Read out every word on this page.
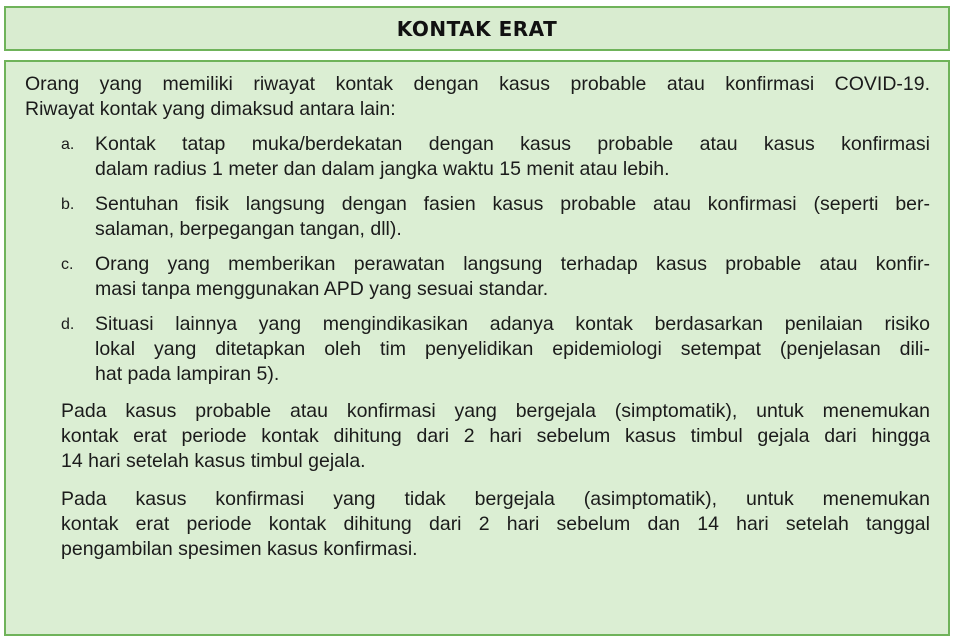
KONTAK ERAT

Orang yang memiliki riwayat kontak dengan kasus probable atau konfirmasi COVID-19.

Riwayat kontak yang dimaksud antara lain:

a. Kontak tatap muka/berdekatan dengan kasus probable atau kasus konfirmasi
dalam radius 1 meter dan dalam jangka waktu 15 menit atau lebih.
b. Sentuhan fisik langsung dengan fasien kasus probable atau konfirmasi (seperti ber-
salaman, berpegangan tangan, dll).
c. Orang yang memberikan perawatan langsung terhadap kasus probable atau konfir-
masi tanpa menggunakan APD yang sesuai standar.
d. Situasi lainnya yang mengindikasikan adanya kontak berdasarkan penilaian risiko
lokal yang ditetapkan oleh tim penyelidikan epidemiologi setempat (penjelasan dili-
hat pada lampiran 5).
Pada kasus probable atau konfirmasi yang bergejala (simptomatik), untuk menemukan
kontak erat periode kontak dihitung dari 2 hari sebelum kasus timbul gejala dari hingga
14 hari setelah kasus timbul gejala.
Pada kasus konfirmasi yang tidak bergejala (asimptomatik), untuk menemukan
kontak erat periode kontak dihitung dari 2 hari sebelum dan 14 hari setelah tanggal
pengambilan spesimen kasus konfirmasi.
